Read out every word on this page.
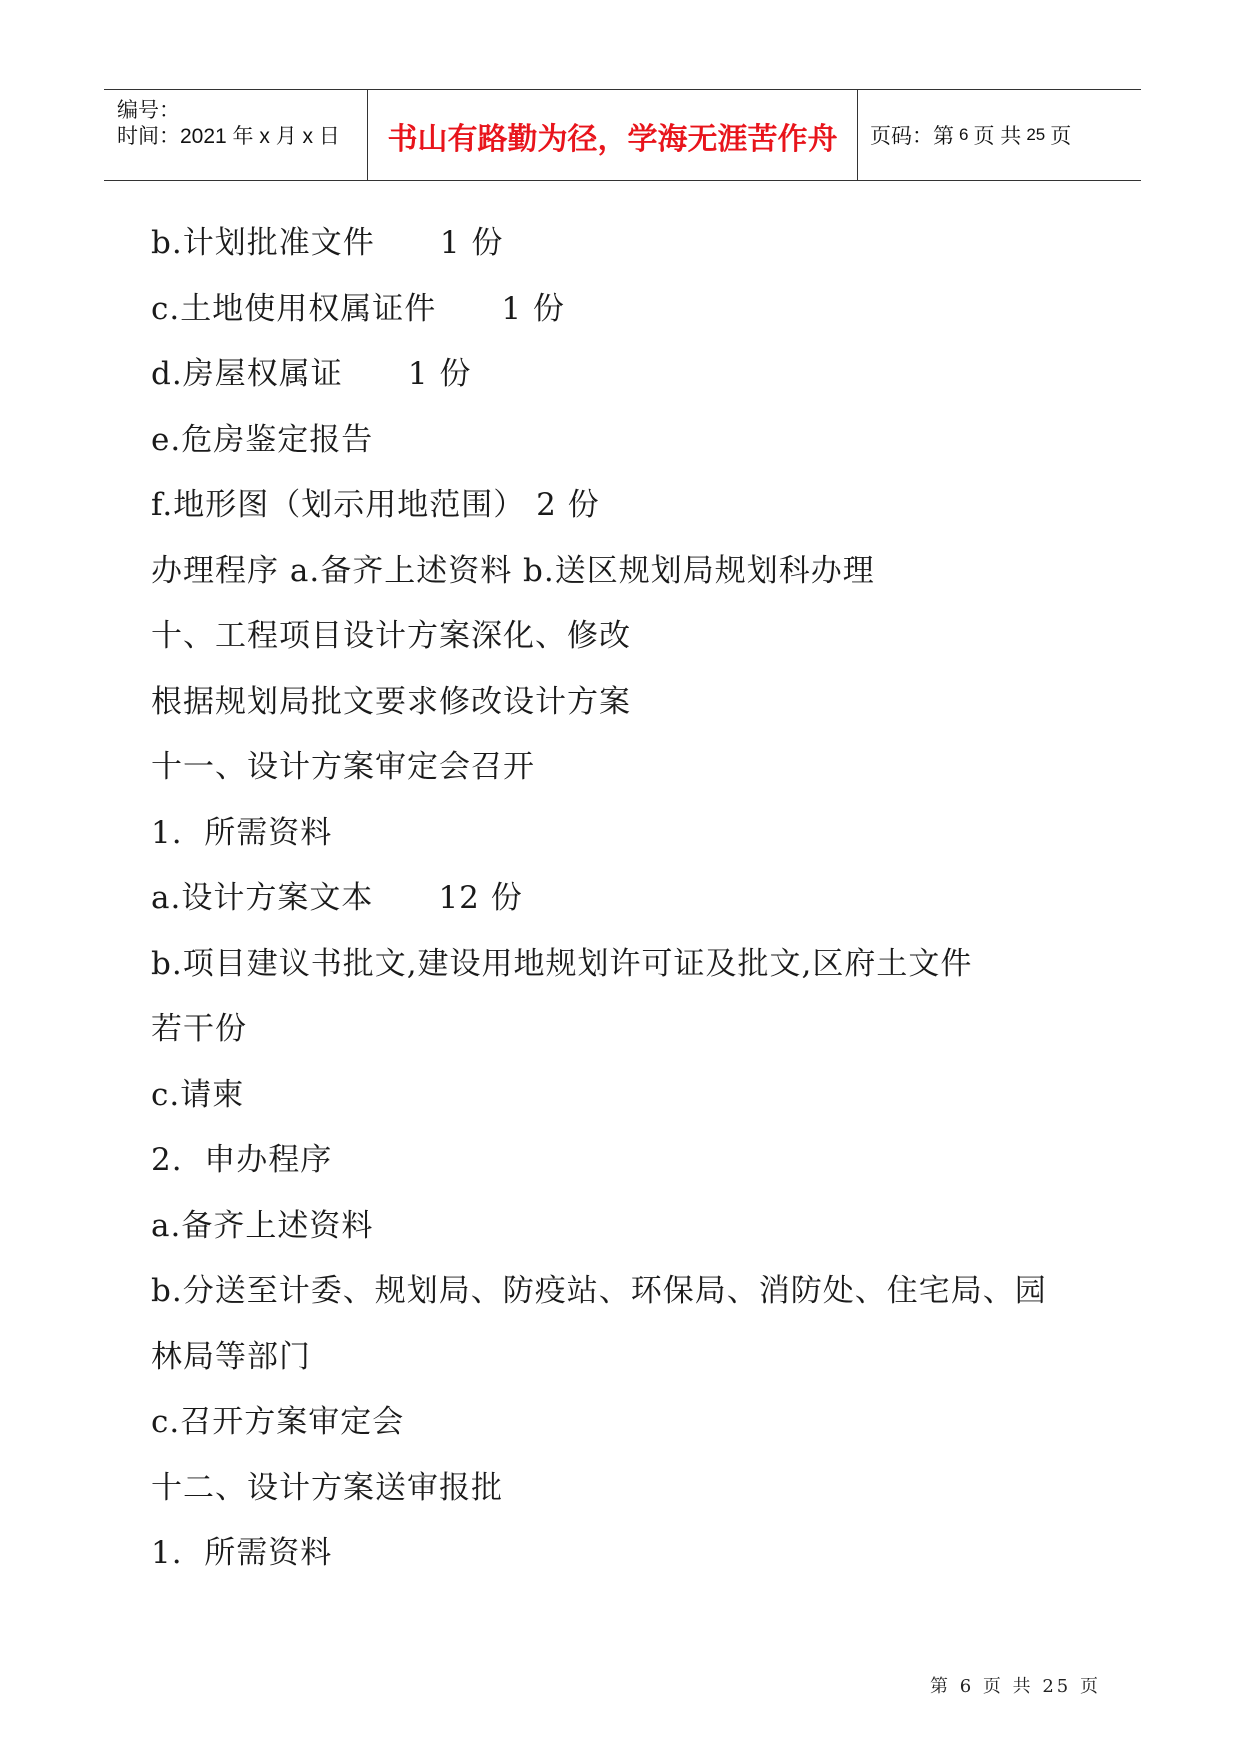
编号：
时间：2021 年 x 月 x 日 书山有路勤为径，学海无涯苦作舟 页码：第 6 页 共 25 页
b.计划批准文件      1 份
c.土地使用权属证件      1 份
d.房屋权属证      1 份
e.危房鉴定报告
f.地形图（划示用地范围） 2 份
办理程序 a.备齐上述资料 b.送区规划局规划科办理
十、工程项目设计方案深化、修改
根据规划局批文要求修改设计方案
十一、设计方案审定会召开
1.  所需资料
a.设计方案文本      12 份
b.项目建议书批文,建设用地规划许可证及批文,区府土文件
若干份
c.请柬
2.  申办程序
a.备齐上述资料
b.分送至计委、规划局、防疫站、环保局、消防处、住宅局、园
林局等部门
c.召开方案审定会
十二、设计方案送审报批
1.  所需资料
第 6 页 共 25 页
